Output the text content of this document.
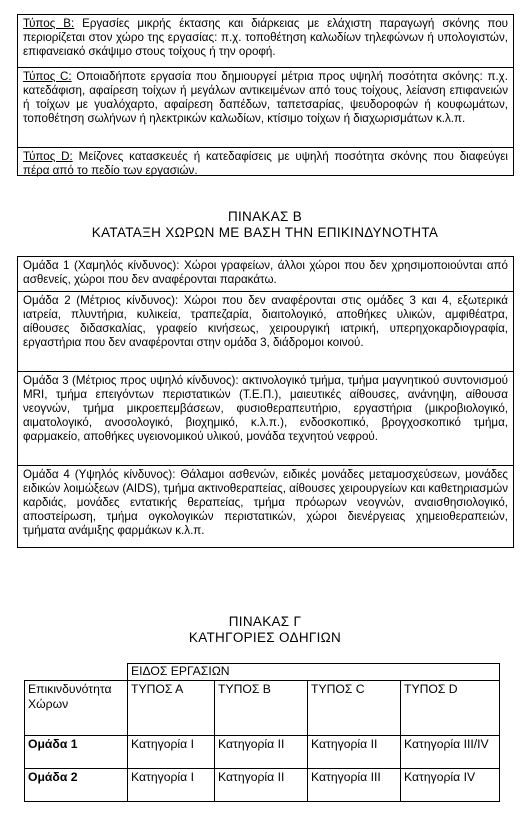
Τύπος Β: Εργασίες μικρής έκτασης και διάρκειας με ελάχιστη παραγωγή σκόνης που περιορίζεται στον χώρο της εργασίας: π.χ. τοποθέτηση καλωδίων τηλεφώνων ή υπολογιστών, επιφανειακό σκάψιμο στους τοίχους ή την οροφή.
Τύπος C: Οποιαδήποτε εργασία που δημιουργεί μέτρια προς υψηλή ποσότητα σκόνης: π.χ. κατεδάφιση, αφαίρεση τοίχων ή μεγάλων αντικειμένων από τους τοίχους, λείανση επιφανειών ή τοίχων με γυαλόχαρτο, αφαίρεση δαπέδων, ταπετσαρίας, ψευδοροφών ή κουφωμάτων, τοποθέτηση σωλήνων ή ηλεκτρικών καλωδίων, κτίσιμο τοίχων ή διαχωρισμάτων κ.λ.π.
Τύπος D: Μείζονες κατασκευές ή κατεδαφίσεις με υψηλή ποσότητα σκόνης που διαφεύγει πέρα από το πεδίο των εργασιών.
ΠΙΝΑΚΑΣ Β
ΚΑΤΑΤΑΞΗ ΧΩΡΩΝ ΜΕ ΒΑΣΗ ΤΗΝ ΕΠΙΚΙΝΔΥΝΟΤΗΤΑ
Ομάδα 1 (Χαμηλός κίνδυνος): Χώροι γραφείων, άλλοι χώροι που δεν χρησιμοποιούνται από ασθενείς, χώροι που δεν αναφέρονται παρακάτω.
Ομάδα 2 (Μέτριος κίνδυνος): Χώροι που δεν αναφέρονται στις ομάδες 3 και 4, εξωτερικά ιατρεία, πλυντήρια, κυλικεία, τραπεζαρία, διαιτολογικό, αποθήκες υλικών, αμφιθέατρα, αίθουσες διδασκαλίας, γραφείο κινήσεως, χειρουργική ιατρική, υπερηχοκαρδιογραφία, εργαστήρια που δεν αναφέρονται στην ομάδα 3, διάδρομοι κοινού.
Ομάδα 3 (Μέτριος προς υψηλό κίνδυνος): ακτινολογικό τμήμα, τμήμα μαγνητικού συντονισμού MRI, τμήμα επειγόντων περιστατικών (Τ.Ε.Π.), μαιευτικές αίθουσες, ανάνηψη, αίθουσα νεογνών, τμήμα μικροεπεμβάσεων, φυσιοθεραπευτήριο, εργαστήρια (μικροβιολογικό, αιματολογικό, ανοσολογικό, βιοχημικό, κ.λ.π.), ενδοσκοπικό, βρογχοσκοπικό τμήμα, φαρμακείο, αποθήκες υγειονομικού υλικού, μονάδα τεχνητού νεφρού.
Ομάδα 4 (Υψηλός κίνδυνος): Θάλαμοι ασθενών, ειδικές μονάδες μεταμοσχεύσεων, μονάδες ειδικών λοιμώξεων (AIDS), τμήμα ακτινοθεραπείας, αίθουσες χειρουργείων και καθετηριασμών καρδιάς, μονάδες εντατικής θεραπείας, τμήμα πρόωρων νεογνών, αναισθησιολογικό, αποστείρωση, τμήμα ογκολογικών περιστατικών, χώροι διενέργειας χημειοθεραπειών, τμήματα ανάμιξης φαρμάκων κ.λ.π.
ΠΙΝΑΚΑΣ Γ
ΚΑΤΗΓΟΡΙΕΣ ΟΔΗΓΙΩΝ
	ΕΙΔΟΣ ΕΡΓΑΣΙΩΝ			
Επικινδυνότητα Χώρων	ΤΥΠΟΣ Α	ΤΥΠΟΣ B	ΤΥΠΟΣ C	ΤΥΠΟΣ D
Ομάδα 1	Κατηγορία I	Κατηγορία II	Κατηγορία II	Κατηγορία III/IV
Ομάδα 2	Κατηγορία I	Κατηγορία II	Κατηγορία III	Κατηγορία IV
